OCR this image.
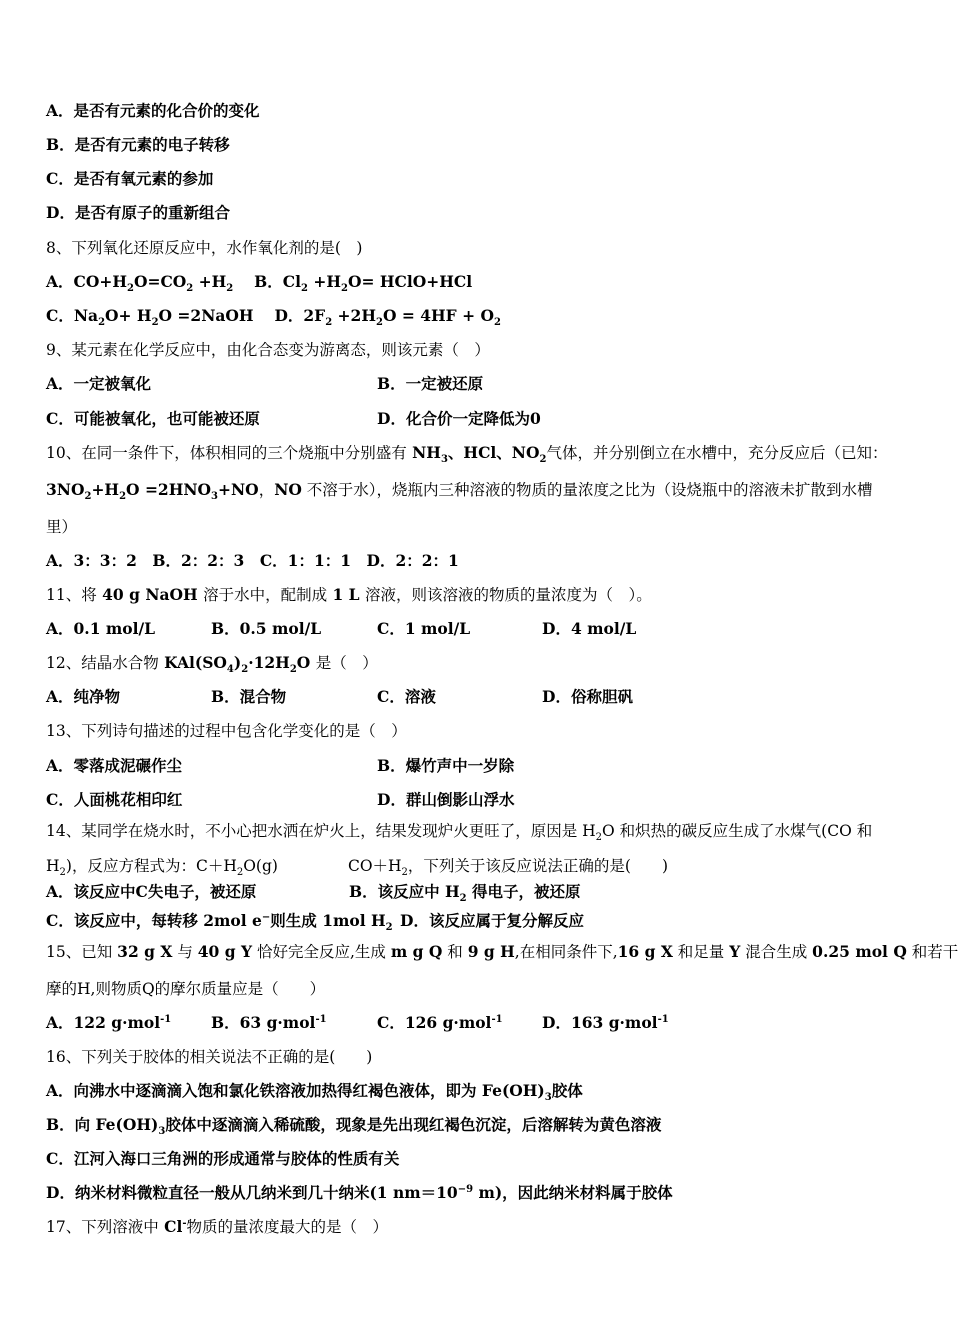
A．是否有元素的化合价的变化
B．是否有元素的电子转移
C．是否有氧元素的参加
D．是否有原子的重新组合
8、下列氧化还原反应中，水作氧化剂的是(　)
A．$CO+H_2O=CO_2 +H_2$　 B．$Cl_2 +H_2O=$ HClO+HCl
C．$Na_2O+ H_2O$ =2NaOH　 D．$2F_2 +2H_2O = 4HF + O_2$
9、某元素在化学反应中，由化合态变为游离态，则该元素（　）
A．一定被氧化	B．一定被还原
C．可能被氧化，也可能被还原	D．化合价一定降低为0
10、在同一条件下，体积相同的三个烧瓶中分别盛有 $NH_3$、HCl、$NO_2$气体，并分别倒立在水槽中，充分反应后（已知：
$3NO_2+H_2O =2HNO_3+NO$，NO 不溶于水），烧瓶内三种溶液的物质的量浓度之比为（设烧瓶中的溶液未扩散到水槽
里）
A．3：3：2　B．2：2：3　C．1：1：1　D．2：2：1
11、将 40 g NaOH 溶于水中，配制成 1 L 溶液，则该溶液的物质的量浓度为（　）。
A．0.1 mol/L	B．0.5 mol/L	C．1 mol/L	D．4 mol/L
12、结晶水合物 $KAl(SO_4)_2\cdot 12H_2O$ 是（　）
A．纯净物	B．混合物	C．溶液	D．俗称胆矾
13、下列诗句描述的过程中包含化学变化的是（　）
A．零落成泥碾作尘	B．爆竹声中一岁除
C．人面桃花相印红	D．群山倒影山浮水
14、某同学在烧水时，不小心把水洒在炉火上，结果发现炉火更旺了，原因是 $H_2O$ 和炽热的碳反应生成了水煤气(CO 和
$H_2$)，反应方程式为：$C+H_2O(g)$	$CO+H_2$，下列关于该反应说法正确的是(　　)
A．该反应中C失电子，被还原	B．该反应中 $H_2$ 得电子，被还原
C．该反应中，每转移 2mol e−则生成 1mol $H_2$ D．该反应属于复分解反应
15、已知 32 g X 与 40 g Y 恰好完全反应,生成 m g Q 和 9 g H,在相同条件下,16 g X 和足量 Y 混合生成 0.25 mol Q 和若干
摩的H,则物质Q的摩尔质量应是（　　）
A．122 g·mol$^{-1}$	B．63 g·mol$^{-1}$	C．126 g·mol$^{-1}$	D．163 g·mol$^{-1}$
16、下列关于胶体的相关说法不正确的是(　　)
A．向沸水中逐滴滴入饱和氯化铁溶液加热得红褐色液体，即为 $Fe(OH)_3$胶体
B．向 $Fe(OH)_3$胶体中逐滴滴入稀硫酸，现象是先出现红褐色沉淀，后溶解转为黄色溶液
C．江河入海口三角洲的形成通常与胶体的性质有关
D．纳米材料微粒直径一般从几纳米到几十纳米(1 $nm=10^{-9}$ m)，因此纳米材料属于胶体
17、下列溶液中 Cl-物质的量浓度最大的是（　）
